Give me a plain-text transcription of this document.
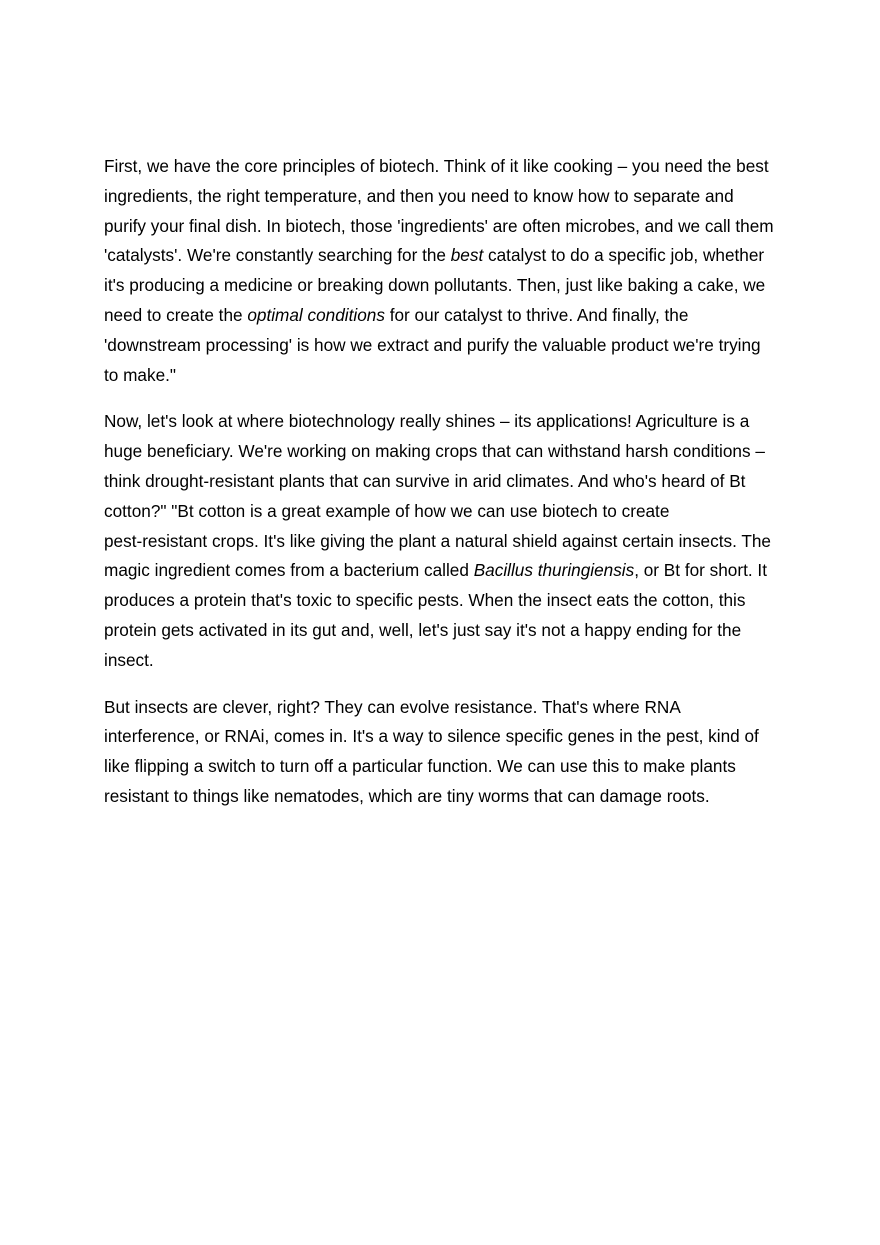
First, we have the core principles of biotech. Think of it like cooking – you need the best
ingredients, the right temperature, and then you need to know how to separate and
purify your final dish. In biotech, those 'ingredients' are often microbes, and we call them
'catalysts'. We're constantly searching for the best catalyst to do a specific job, whether
it's producing a medicine or breaking down pollutants. Then, just like baking a cake, we
need to create the optimal conditions for our catalyst to thrive. And finally, the
'downstream processing' is how we extract and purify the valuable product we're trying
to make."

Now, let's look at where biotechnology really shines – its applications! Agriculture is a
huge beneficiary. We're working on making crops that can withstand harsh conditions –
think drought-resistant plants that can survive in arid climates. And who's heard of Bt
cotton?" "Bt cotton is a great example of how we can use biotech to create
pest-resistant crops. It's like giving the plant a natural shield against certain insects. The
magic ingredient comes from a bacterium called Bacillus thuringiensis, or Bt for short. It
produces a protein that's toxic to specific pests. When the insect eats the cotton, this
protein gets activated in its gut and, well, let's just say it's not a happy ending for the
insect.

But insects are clever, right? They can evolve resistance. That's where RNA
interference, or RNAi, comes in. It's a way to silence specific genes in the pest, kind of
like flipping a switch to turn off a particular function. We can use this to make plants
resistant to things like nematodes, which are tiny worms that can damage roots.
